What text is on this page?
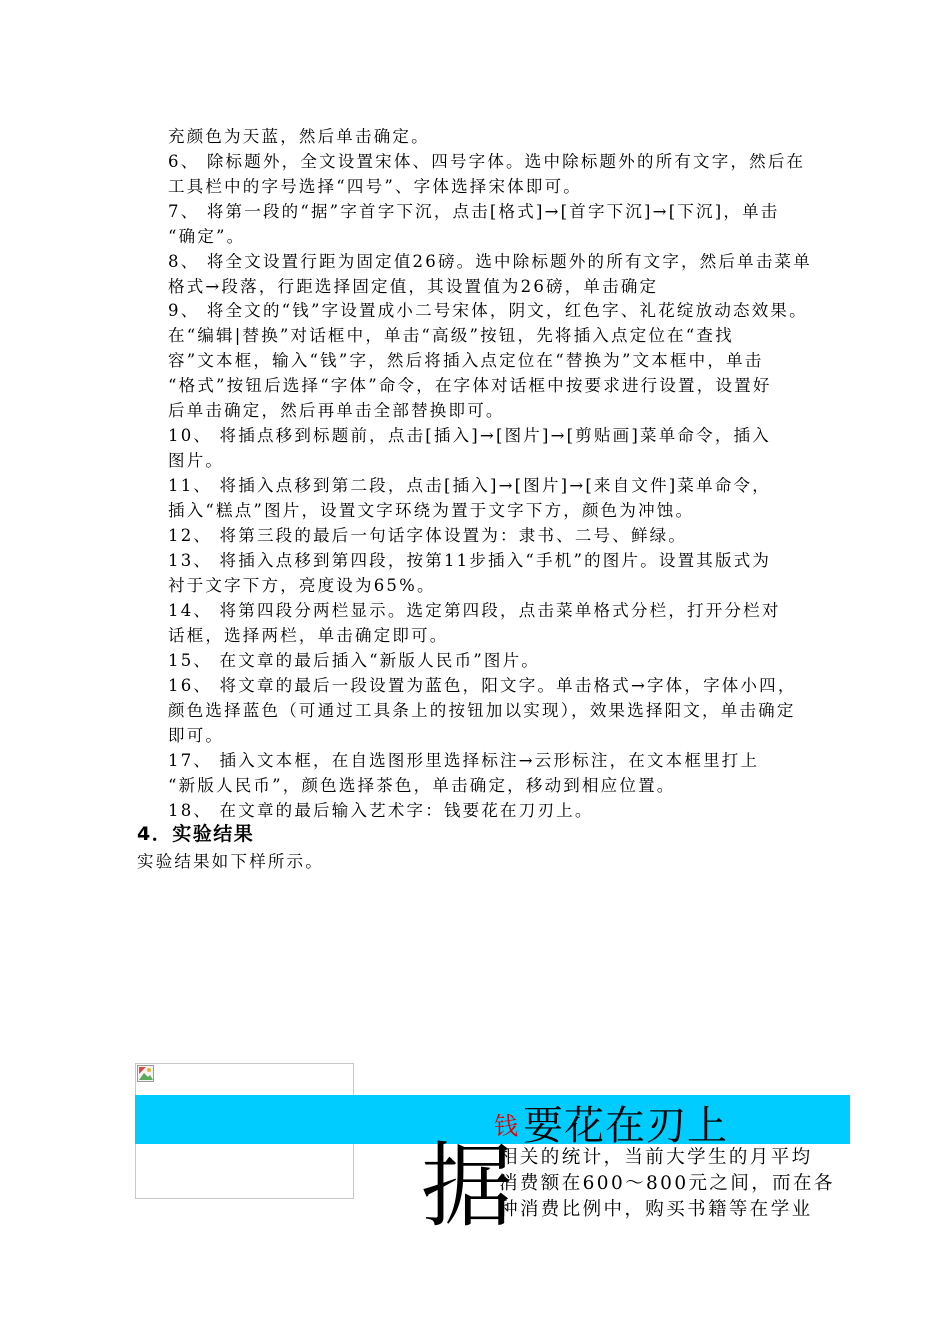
充颜色为天蓝，然后单击确定。
6、 除标题外，全文设置宋体、四号字体。选中除标题外的所有文字，然后在
工具栏中的字号选择“四号”、字体选择宋体即可。
7、 将第一段的“据”字首字下沉，点击[格式]→[首字下沉]→[下沉]，单击
“确定”。
8、 将全文设置行距为固定值26磅。选中除标题外的所有文字，然后单击菜单
格式→段落，行距选择固定值，其设置值为26磅，单击确定
9、 将全文的“钱”字设置成小二号宋体，阴文，红色字、礼花绽放动态效果。
在“编辑|替换”对话框中，单击“高级”按钮，先将插入点定位在“查找
容”文本框，输入“钱”字，然后将插入点定位在“替换为”文本框中，单击
“格式”按钮后选择“字体”命令，在字体对话框中按要求进行设置，设置好
后单击确定，然后再单击全部替换即可。
10、 将插点移到标题前，点击[插入]→[图片]→[剪贴画]菜单命令，插入
图片。
11、 将插入点移到第二段，点击[插入]→[图片]→[来自文件]菜单命令，
插入“糕点”图片，设置文字环绕为置于文字下方，颜色为冲蚀。
12、 将第三段的最后一句话字体设置为：隶书、二号、鲜绿。
13、 将插入点移到第四段，按第11步插入“手机”的图片。设置其版式为
衬于文字下方，亮度设为65%。
14、 将第四段分两栏显示。选定第四段，点击菜单格式分栏，打开分栏对
话框，选择两栏，单击确定即可。
15、 在文章的最后插入“新版人民币”图片。
16、 将文章的最后一段设置为蓝色，阳文字。单击格式→字体，字体小四，
颜色选择蓝色（可通过工具条上的按钮加以实现），效果选择阳文，单击确定
即可。
17、 插入文本框，在自选图形里选择标注→云形标注，在文本框里打上
“新版人民币”，颜色选择茶色，单击确定，移动到相应位置。
18、 在文章的最后输入艺术字：钱要花在刀刃上。
4．实验结果
实验结果如下样所示。
钱 要花在刃上
据
相关的统计，当前大学生的月平均
消费额在600～800元之间，而在各
种消费比例中，购买书籍等在学业
